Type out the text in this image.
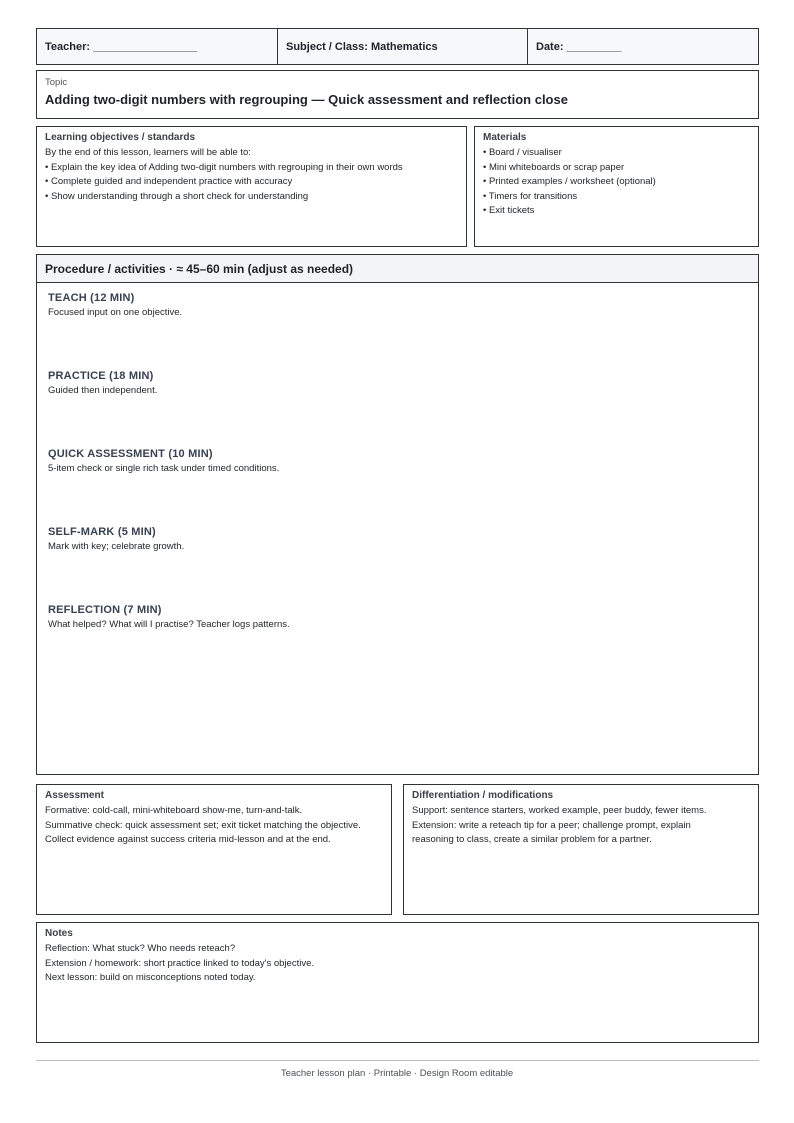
Teacher: _________________	Subject / Class: Mathematics	Date: _________
Topic
Adding two-digit numbers with regrouping — Quick assessment and reflection close
Learning objectives / standards
By the end of this lesson, learners will be able to:
• Explain the key idea of Adding two-digit numbers with regrouping in their own words
• Complete guided and independent practice with accuracy
• Show understanding through a short check for understanding
Materials
• Board / visualiser
• Mini whiteboards or scrap paper
• Printed examples / worksheet (optional)
• Timers for transitions
• Exit tickets
Procedure / activities · ≈ 45–60 min (adjust as needed)
TEACH (12 MIN)
Focused input on one objective.
PRACTICE (18 MIN)
Guided then independent.
QUICK ASSESSMENT (10 MIN)
5-item check or single rich task under timed conditions.
SELF-MARK (5 MIN)
Mark with key; celebrate growth.
REFLECTION (7 MIN)
What helped? What will I practise? Teacher logs patterns.
Assessment
Formative: cold-call, mini-whiteboard show-me, turn-and-talk.
Summative check: quick assessment set; exit ticket matching the objective.
Collect evidence against success criteria mid-lesson and at the end.
Differentiation / modifications
Support: sentence starters, worked example, peer buddy, fewer items.
Extension: write a reteach tip for a peer; challenge prompt, explain
reasoning to class, create a similar problem for a partner.
Notes
Reflection: What stuck? Who needs reteach?
Extension / homework: short practice linked to today's objective.
Next lesson: build on misconceptions noted today.
Teacher lesson plan · Printable · Design Room editable
